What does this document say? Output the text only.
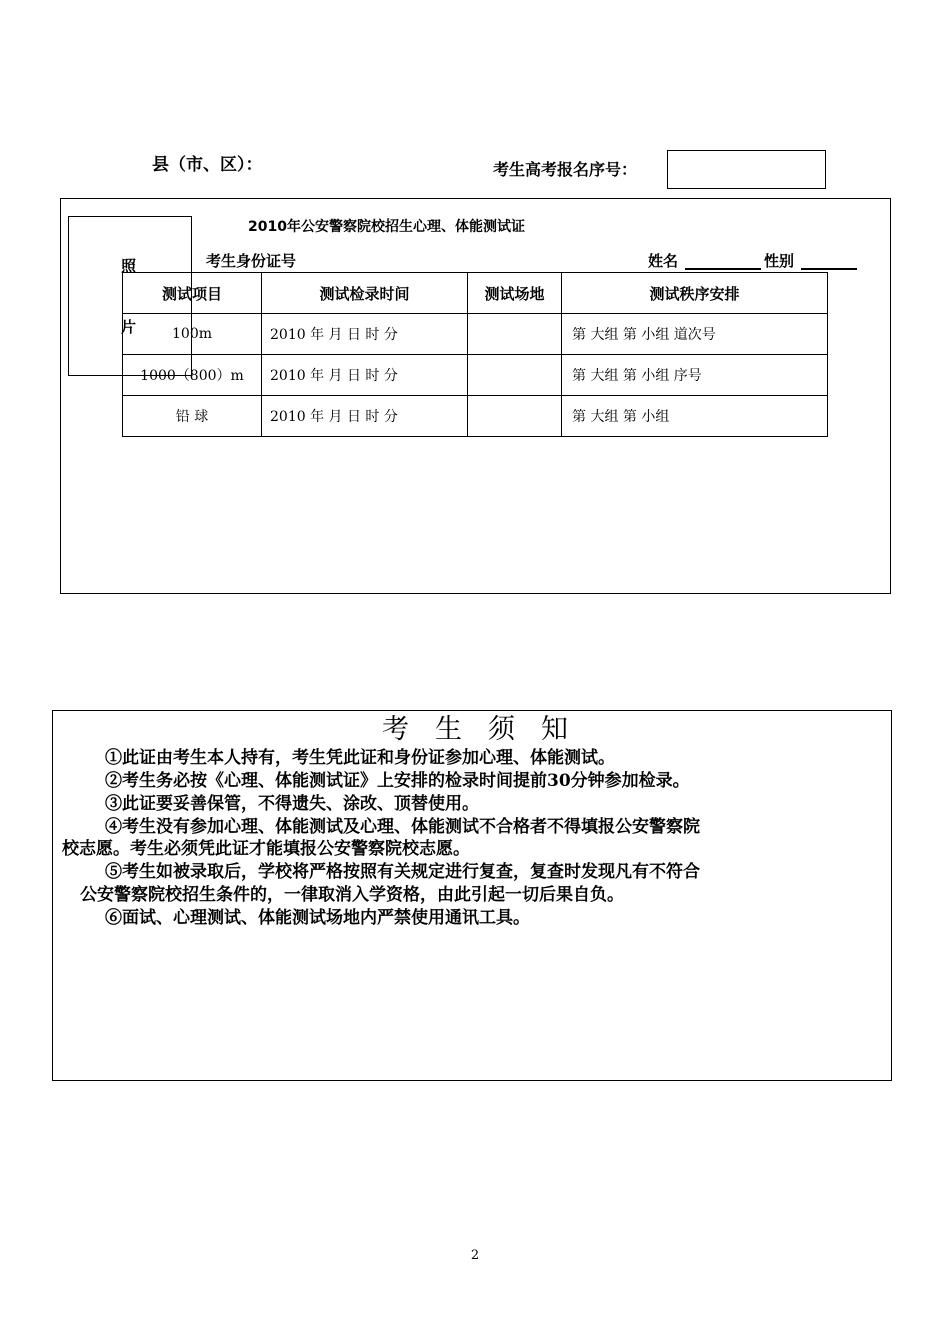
县（市、区）：	考生高考报名序号：
2010年公安警察院校招生心理、体能测试证
考生身份证号	姓名	性别
测试项目	测试检录时间	测试场地	测试秩序安排
100m	2010 年 月 日 时 分		第 大组 第 小组 道次号
1000（800）m	2010 年 月 日 时 分		第 大组 第 小组 序号
铅 球	2010 年 月 日 时 分		第 大组 第 小组
照
片
考生须知
①此证由考生本人持有，考生凭此证和身份证参加心理、体能测试。
②考生务必按《心理、体能测试证》上安排的检录时间提前30分钟参加检录。
③此证要妥善保管，不得遗失、涂改、顶替使用。
④考生没有参加心理、体能测试及心理、体能测试不合格者不得填报公安警察院
校志愿。考生必须凭此证才能填报公安警察院校志愿。
⑤考生如被录取后，学校将严格按照有关规定进行复查，复查时发现凡有不符合
公安警察院校招生条件的，一律取消入学资格，由此引起一切后果自负。
⑥面试、心理测试、体能测试场地内严禁使用通讯工具。
2
